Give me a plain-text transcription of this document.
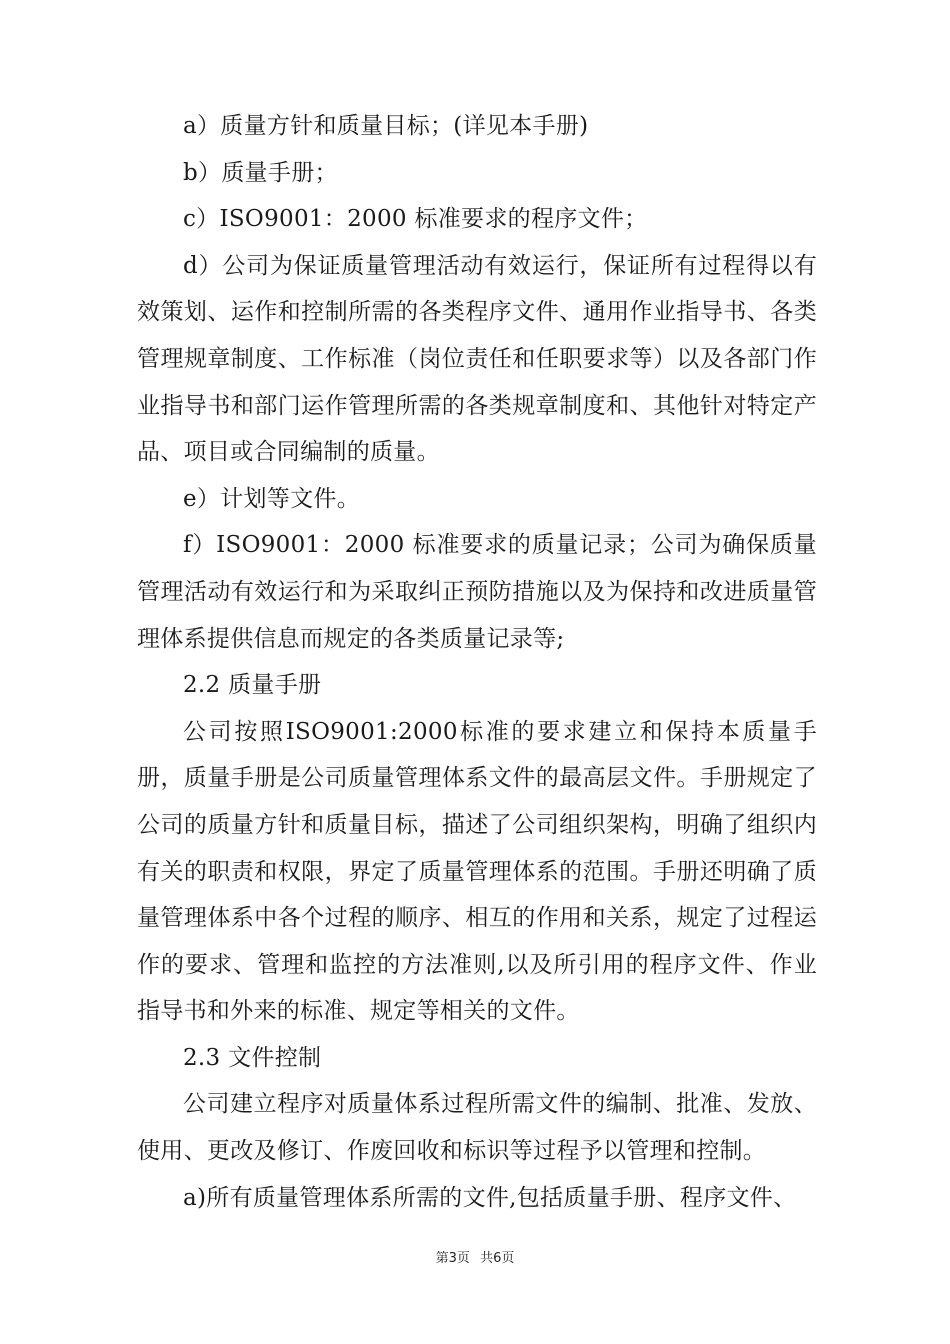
a）质量方针和质量目标；(详见本手册)

b）质量手册；

c）ISO9001：2000 标准要求的程序文件；

d）公司为保证质量管理活动有效运行，保证所有过程得以有效策划、运作和控制所需的各类程序文件、通用作业指导书、各类管理规章制度、工作标准（岗位责任和任职要求等）以及各部门作业指导书和部门运作管理所需的各类规章制度和、其他针对特定产品、项目或合同编制的质量。

e）计划等文件。

f）ISO9001：2000 标准要求的质量记录；公司为确保质量管理活动有效运行和为采取纠正预防措施以及为保持和改进质量管理体系提供信息而规定的各类质量记录等;

2.2 质量手册

公司按照ISO9001:2000标准的要求建立和保持本质量手册，质量手册是公司质量管理体系文件的最高层文件。手册规定了公司的质量方针和质量目标，描述了公司组织架构，明确了组织内有关的职责和权限，界定了质量管理体系的范围。手册还明确了质量管理体系中各个过程的顺序、相互的作用和关系，规定了过程运作的要求、管理和监控的方法准则,以及所引用的程序文件、作业指导书和外来的标准、规定等相关的文件。

2.3 文件控制

公司建立程序对质量体系过程所需文件的编制、批准、发放、使用、更改及修订、作废回收和标识等过程予以管理和控制。

a)所有质量管理体系所需的文件,包括质量手册、程序文件、

第3页 共6页
